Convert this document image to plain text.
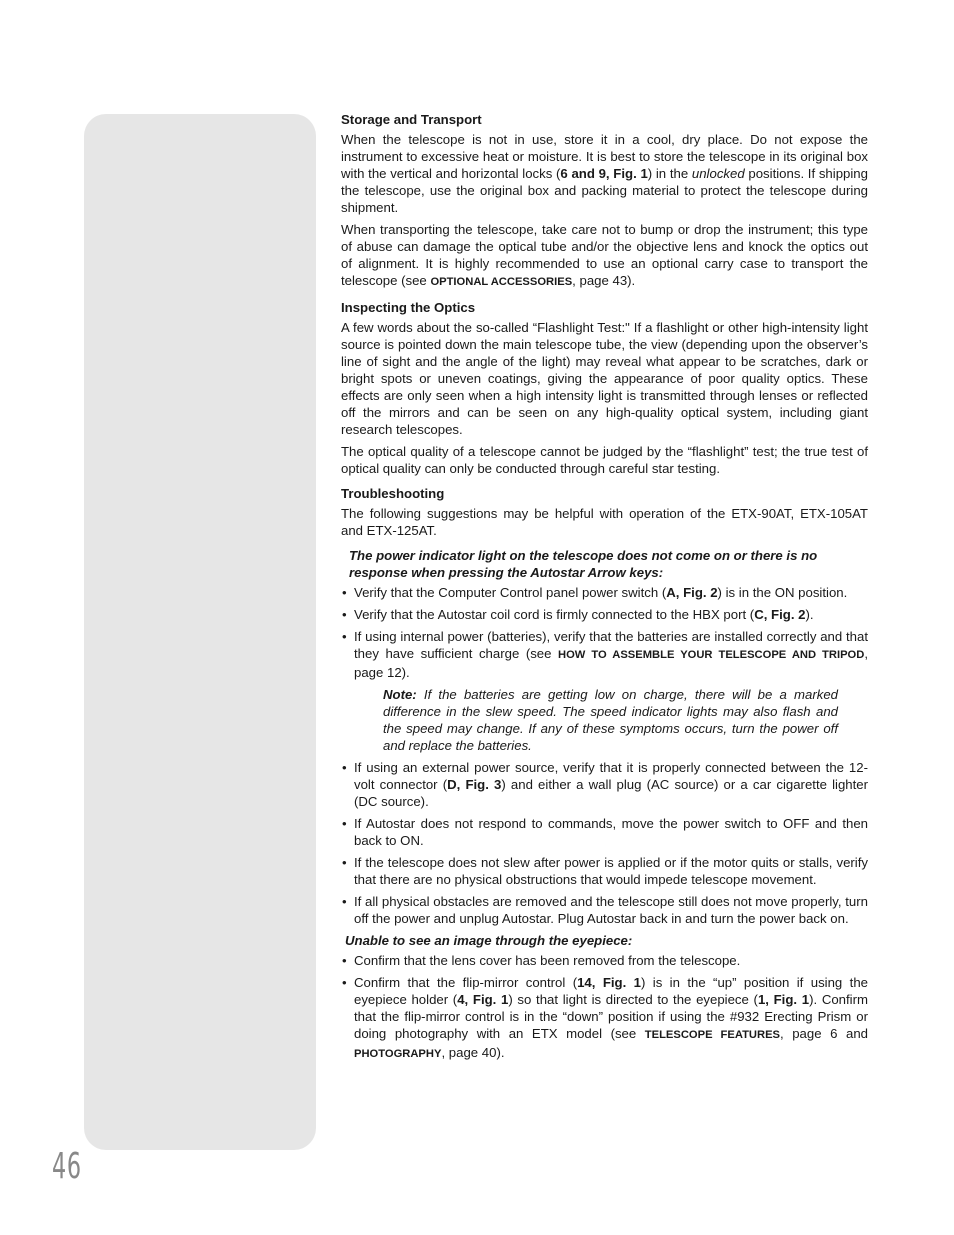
46
Storage and Transport

When the telescope is not in use, store it in a cool, dry place. Do not expose the instrument to excessive heat or moisture. It is best to store the telescope in its original box with the vertical and horizontal locks (6 and 9, Fig. 1) in the unlocked positions. If shipping the telescope, use the original box and packing material to protect the telescope during shipment.

When transporting the telescope, take care not to bump or drop the instrument; this type of abuse can damage the optical tube and/or the objective lens and knock the optics out of alignment. It is highly recommended to use an optional carry case to transport the telescope (see OPTIONAL ACCESSORIES, page 43).

Inspecting the Optics

A few words about the so-called “Flashlight Test:" If a flashlight or other high-intensity light source is pointed down the main telescope tube, the view (depending upon the observer’s line of sight and the angle of the light) may reveal what appear to be scratches, dark or bright spots or uneven coatings, giving the appearance of poor quality optics. These effects are only seen when a high intensity light is transmitted through lenses or reflected off the mirrors and can be seen on any high-quality optical system, including giant research telescopes.

The optical quality of a telescope cannot be judged by the “flashlight” test; the true test of optical quality can only be conducted through careful star testing.

Troubleshooting

The following suggestions may be helpful with operation of the ETX-90AT, ETX-105AT and ETX-125AT.

The power indicator light on the telescope does not come on or there is no response when pressing the Autostar Arrow keys:
• Verify that the Computer Control panel power switch (A, Fig. 2) is in the ON position.
• Verify that the Autostar coil cord is firmly connected to the HBX port (C, Fig. 2).
• If using internal power (batteries), verify that the batteries are installed correctly and that they have sufficient charge (see HOW TO ASSEMBLE YOUR TELESCOPE AND TRIPOD, page 12).
Note: If the batteries are getting low on charge, there will be a marked difference in the slew speed. The speed indicator lights may also flash and the speed may change. If any of these symptoms occurs, turn the power off and replace the batteries.
• If using an external power source, verify that it is properly connected between the 12-volt connector (D, Fig. 3) and either a wall plug (AC source) or a car cigarette lighter (DC source).
• If Autostar does not respond to commands, move the power switch to OFF and then back to ON.
• If the telescope does not slew after power is applied or if the motor quits or stalls, verify that there are no physical obstructions that would impede telescope movement.
• If all physical obstacles are removed and the telescope still does not move properly, turn off the power and unplug Autostar. Plug Autostar back in and turn the power back on.
Unable to see an image through the eyepiece:
• Confirm that the lens cover has been removed from the telescope.
• Confirm that the flip-mirror control (14, Fig. 1) is in the “up” position if using the eyepiece holder (4, Fig. 1) so that light is directed to the eyepiece (1, Fig. 1). Confirm that the flip-mirror control is in the “down” position if using the #932 Erecting Prism or doing photography with an ETX model (see TELESCOPE FEATURES, page 6 and PHOTOGRAPHY, page 40).
